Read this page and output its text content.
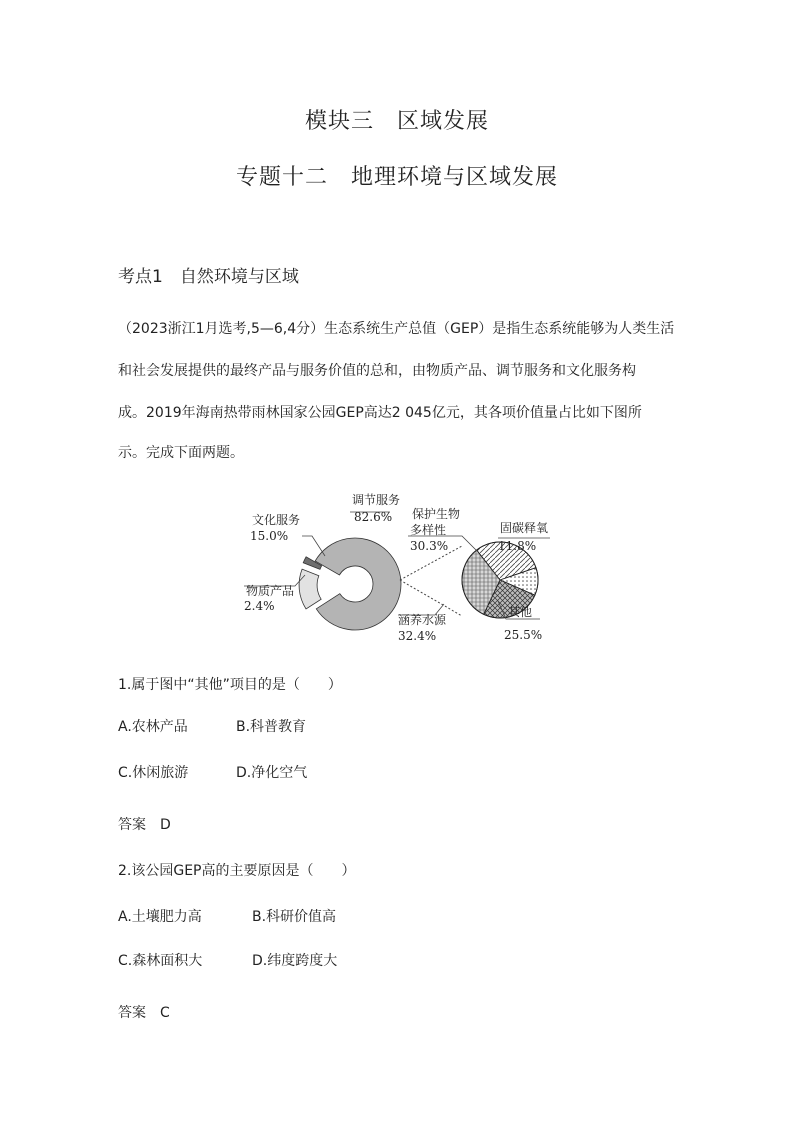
模块三　区域发展
专题十二　地理环境与区域发展
考点1　自然环境与区域
（2023浙江1月选考,5—6,4分）生态系统生产总值（GEP）是指生态系统能够为人类生活
和社会发展提供的最终产品与服务价值的总和，由物质产品、调节服务和文化服务构
成。2019年海南热带雨林国家公园GEP高达2 045亿元，其各项价值量占比如下图所
示。完成下面两题。
调节服务
82.6%
文化服务
15.0%
物质产品
2.4%
保护生物
多样性
30.3%
固碳释氧
11.8%
涵养水源
32.4%
其他
25.5%
1.属于图中“其他”项目的是（　　）
A.农林产品	B.科普教育
C.休闲旅游	D.净化空气
答案 D
2.该公园GEP高的主要原因是（　　）
A.土壤肥力高	B.科研价值高
C.森林面积大	D.纬度跨度大
答案 C
